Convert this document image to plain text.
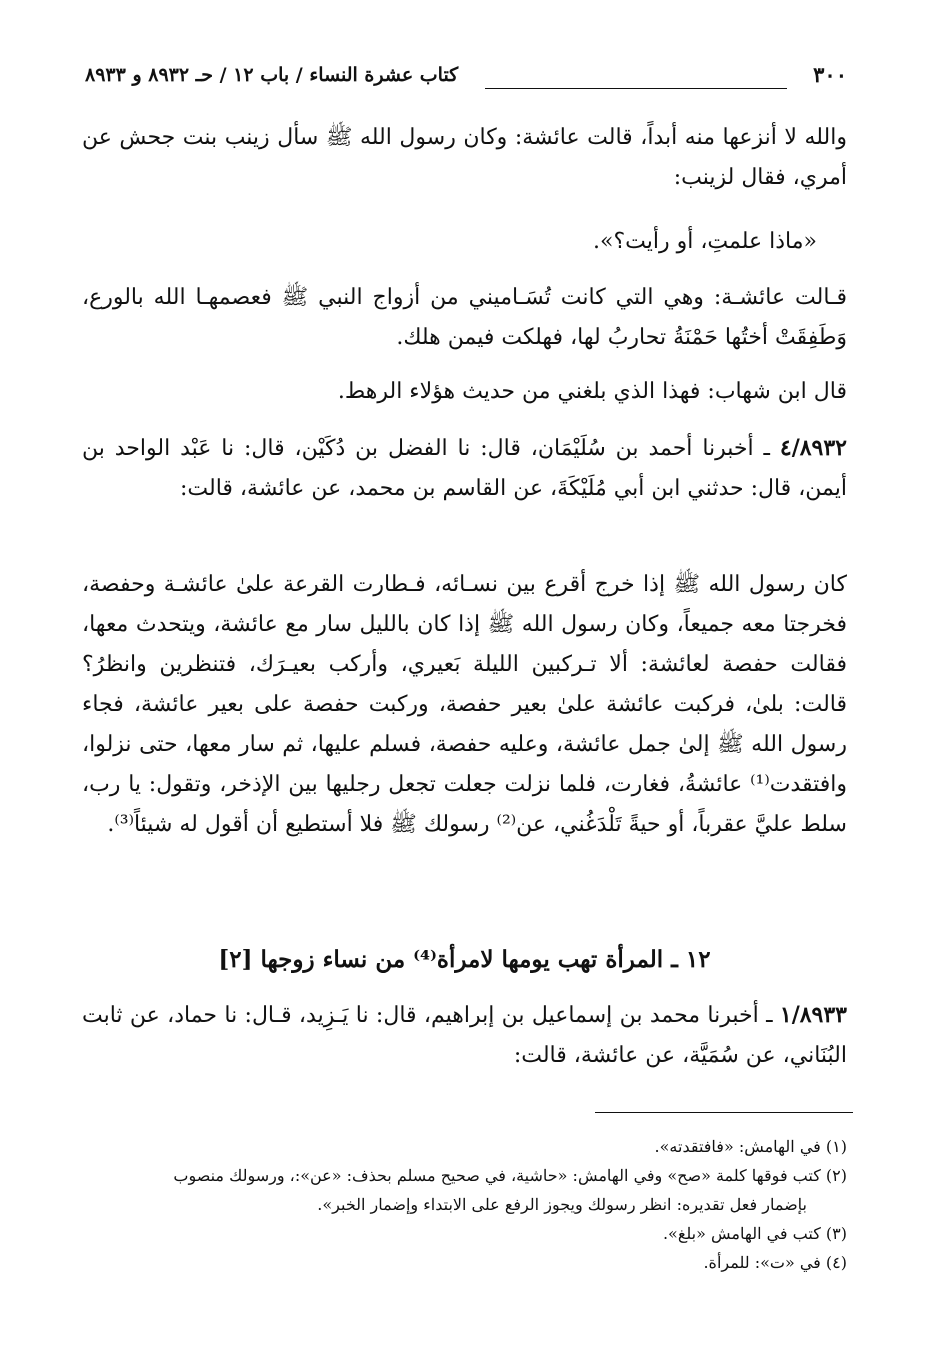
٣٠٠
كتاب عشرة النساء / باب ١٢ / حـ ٨٩٣٢ و ٨٩٣٣

والله لا أنزعها منه أبداً، قالت عائشة: وكان رسول الله ﷺ سأل زينب بنت جحش عن أمري، فقال لزينب:

«ماذا علمتِ، أو رأيت؟».

قـالت عائشـة: وهي التي كانت تُسَـاميني من أزواج النبي ﷺ فعصمهـا الله بالورع، وَطَفِقَتْ أختُها حَمْنَةُ تحاربُ لها، فهلكت فيمن هلك.

قال ابن شهاب: فهذا الذي بلغني من حديث هؤلاء الرهط.

٤/٨٩٣٢ ـ أخبرنا أحمد بن سُلَيْمَان، قال: نا الفضل بن دُكَيْن، قال: نا عَبْد الواحد بن أيمن، قال: حدثني ابن أبي مُلَيْكَةَ، عن القاسم بن محمد، عن عائشة، قالت:

كان رسول الله ﷺ إذا خرج أقرع بين نسـائه، فـطارت القرعة علىٰ عائشـة وحفصة، فخرجتا معه جميعاً، وكان رسول الله ﷺ إذا كان بالليل سار مع عائشة، ويتحدث معها، فقالت حفصة لعائشة: ألا تـركبين الليلة بَعيري، وأركب بعيـرَك، فتنظرين وانظرُ؟ قالت: بلىٰ، فركبت عائشة علىٰ بعير حفصة، وركبت حفصة على بعير عائشة، فجاء رسول الله ﷺ إلىٰ جمل عائشة، وعليه حفصة، فسلم عليها، ثم سار معها، حتى نزلوا، وافتقدت⁽¹⁾ عائشةُ، فغارت، فلما نزلت جعلت تجعل رجليها بين الإذخر، وتقول: يا رب، سلط عليَّ عقرباً، أو حيةً تَلْدَغُني، عن⁽²⁾ رسولك ﷺ فلا أستطيع أن أقول له شيئاً⁽³⁾.

١٢ ـ المرأة تهب يومها لامرأة⁽⁴⁾ من نساء زوجها [٢]

١/٨٩٣٣ ـ أخبرنا محمد بن إسماعيل بن إبراهيم، قال: نا يَـزِيد، قـال: نا حماد، عن ثابت البُنَاني، عن سُمَيَّة، عن عائشة، قالت:

(١) في الهامش: «فافتقدته».
(٢) كتب فوقها كلمة «صح» وفي الهامش: «حاشية، في صحيح مسلم بحذف: «عن»:، ورسولك منصوب
بإضمار فعل تقديره: انظر رسولك ويجوز الرفع على الابتداء وإضمار الخبر».
(٣) كتب في الهامش «بلغ».
(٤) في «ت»: للمرأة.
